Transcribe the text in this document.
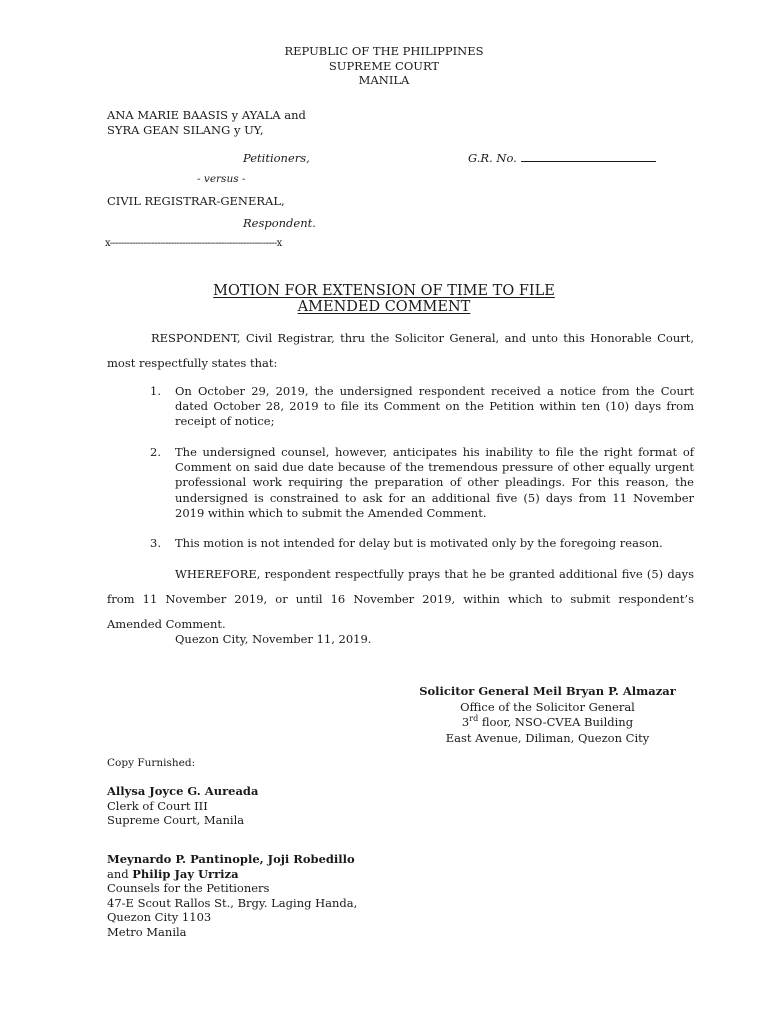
REPUBLIC OF THE PHILIPPINES
SUPREME COURT
MANILA
ANA MARIE BAASIS y AYALA and
SYRA GEAN SILANG y UY,
Petitioners,	G.R. No.
- versus -
CIVIL REGISTRAR-GENERAL,
Respondent.
x------------------------------------------------------------x
MOTION FOR EXTENSION OF TIME TO FILE
AMENDED COMMENT
RESPONDENT, Civil Registrar, thru the Solicitor General, and unto this Honorable Court, most respectfully states that:
1. On October 29, 2019, the undersigned respondent received a notice from the Court dated October 28, 2019 to file its Comment on the Petition within ten (10) days from receipt of notice;
2. The undersigned counsel, however, anticipates his inability to file the right format of Comment on said due date because of the tremendous pressure of other equally urgent professional work requiring the preparation of other pleadings. For this reason, the undersigned is constrained to ask for an additional five (5) days from 11 November 2019 within which to submit the Amended Comment.
3. This motion is not intended for delay but is motivated only by the foregoing reason.
WHEREFORE, respondent respectfully prays that he be granted additional five (5) days from 11 November 2019, or until 16 November 2019, within which to submit respondent’s Amended Comment.
Quezon City, November 11, 2019.
Solicitor General Meil Bryan P. Almazar
Office of the Solicitor General
3rd floor, NSO-CVEA Building
East Avenue, Diliman, Quezon City
Copy Furnished:
Allysa Joyce G. Aureada
Clerk of Court III
Supreme Court, Manila
Meynardo P. Pantinople, Joji Robedillo
and Philip Jay Urriza
Counsels for the Petitioners
47-E Scout Rallos St., Brgy. Laging Handa,
Quezon City 1103
Metro Manila
